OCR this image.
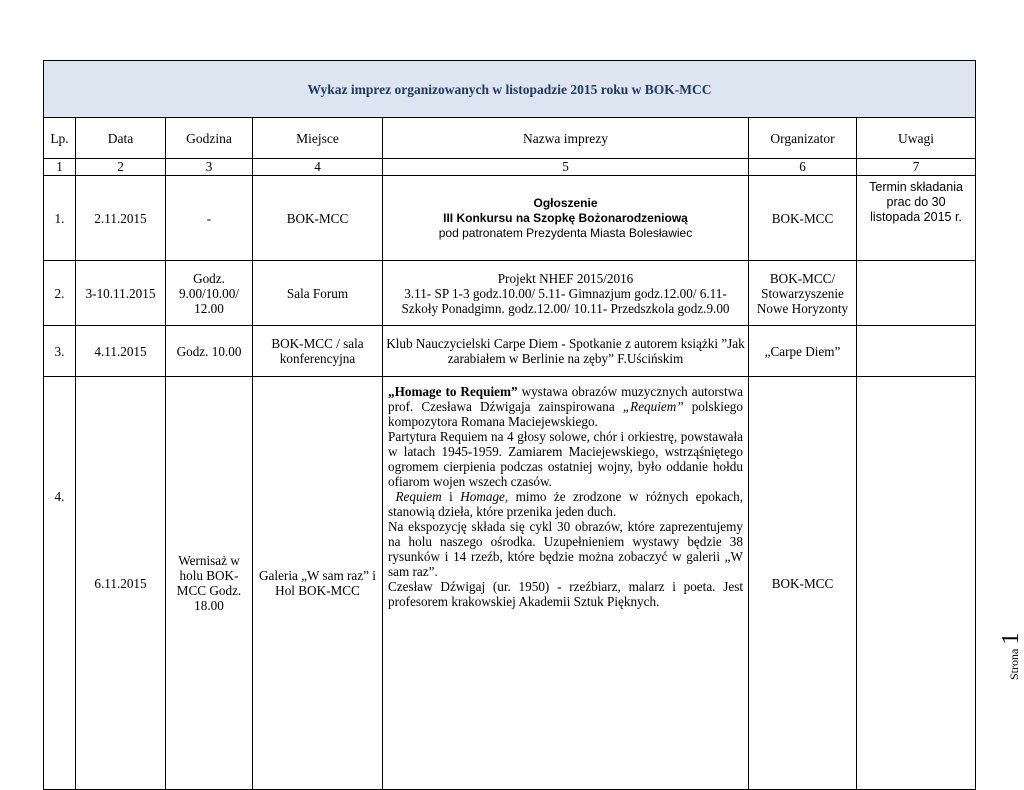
Wykaz imprez organizowanych w listopadzie 2015 roku w BOK-MCC						
Lp.	Data	Godzina	Miejsce	Nazwa imprezy	Organizator	Uwagi
1	2	3	4	5	6	7
1.	2.11.2015	-	BOK-MCC	Ogłoszenie
III Konkursu na Szopkę Bożonarodzeniową
pod patronatem Prezydenta Miasta Bolesławiec	BOK-MCC	Termin składania prac do 30 listopada 2015 r.
2.	3-10.11.2015	Godz. 9.00/10.00/ 12.00	Sala Forum	Projekt NHEF 2015/2016
3.11- SP 1-3 godz.10.00/ 5.11- Gimnazjum godz.12.00/ 6.11-Szkoły Ponadgimn. godz.12.00/ 10.11- Przedszkola godz.9.00	BOK-MCC/ Stowarzyszenie Nowe Horyzonty	
3.	4.11.2015	Godz. 10.00	BOK-MCC / sala konferencyjna	Klub Nauczycielski Carpe Diem - Spotkanie z autorem książki ”Jak zarabiałem w Berlinie na zęby” F.Uścińskim	„Carpe Diem”	
4.	6.11.2015	Wernisaż w holu BOK-MCC Godz. 18.00	Galeria „W sam raz” i Hol BOK-MCC	„Homage to Requiem” wystawa obrazów muzycznych autorstwa prof. Czesława Dźwigaja zainspirowana „Requiem” polskiego kompozytora Romana Maciejewskiego.

Partytura Requiem na 4 głosy solowe, chór i orkiestrę, powstawała w latach 1945-1959. Zamiarem Maciejewskiego, wstrząśniętego ogromem cierpienia podczas ostatniej wojny, było oddanie hołdu ofiarom wojen wszech czasów.

Requiem i Homage, mimo że zrodzone w różnych epokach, stanowią dzieła, które przenika jeden duch.

Na ekspozycję składa się cykl 30 obrazów, które zaprezentujemy na holu naszego ośrodka. Uzupełnieniem wystawy będzie 38 rysunków i 14 rzeźb, które będzie można zobaczyć w galerii „W sam raz”.

Czesław Dźwigaj (ur. 1950) - rzeźbiarz, malarz i poeta. Jest profesorem krakowskiej Akademii Sztuk Pięknych.	BOK-MCC	
Strona1
